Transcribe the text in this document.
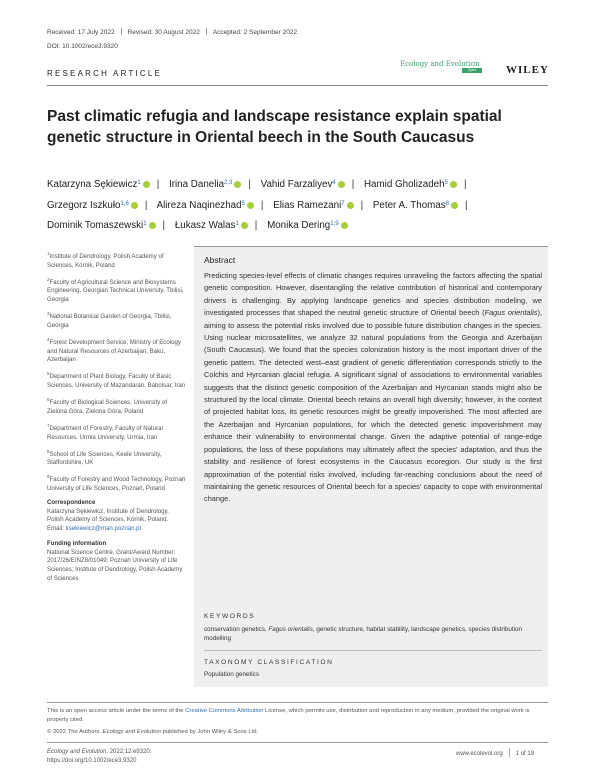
Received: 17 July 2022 Revised: 30 August 2022 Accepted: 2 September 2022
DOI: 10.1002/ece3.9320
RESEARCH ARTICLE
Ecology and Evolution
Open Access	WILEY
Past climatic refugia and landscape resistance explain spatial genetic structure in Oriental beech in the South Caucasus
Katarzyna Sękiewicz$^1$ | Irina Danelia$^{2,3}$ | Vahid Farzaliyev$^4$ | Hamid Gholizadeh$^5$ |
Grzegorz Iszkuło$^{1,6}$ | Alireza Naqinezhad$^5$ | Elias Ramezani$^7$ | Peter A. Thomas$^8$ |
Dominik Tomaszewski$^1$ | Łukasz Walas$^1$ | Monika Dering$^{1,9}$
$^1$Institute of Dendrology, Polish Academy of Sciences, Kórnik, Poland
$^2$Faculty of Agricultural Science and Biosystems Engineering, Georgian Technical University, Tbilisi, Georgia
$^3$National Botanical Garden of Georgia, Tbilisi, Georgia
$^4$Forest Development Service, Ministry of Ecology and Natural Resources of Azerbaijan, Baku, Azerbaijan
$^5$Department of Plant Biology, Faculty of Basic Sciences, University of Mazandaran, Babolsar, Iran
$^6$Faculty of Biological Sciences, University of Zielona Góra, Zielona Góra, Poland
$^7$Department of Forestry, Faculty of Natural Resources, Urmia University, Urmia, Iran
$^8$School of Life Sciences, Keele University, Staffordshire, UK
$^9$Faculty of Forestry and Wood Technology, Poznań University of Life Sciences, Poznań, Poland
Correspondence
Katarzyna Sękiewicz, Institute of Dendrology, Polish Academy of Sciences, Kórnik, Poland.
Email: ksekiewicz@man.poznan.pl
Funding information
National Science Centre, Grant/Award Number: 2017/26/E/NZ8/01049; Poznań University of Life Sciences; Institute of Dendrology, Polish Academy of Sciences
Abstract
Predicting species-level effects of climatic changes requires unraveling the factors affecting the spatial genetic composition. However, disentangling the relative contribution of historical and contemporary drivers is challenging. By applying landscape genetics and species distribution modeling, we investigated processes that shaped the neutral genetic structure of Oriental beech (Fagus orientalis), aiming to assess the potential risks involved due to possible future distribution changes in the species. Using nuclear microsatellites, we analyze 32 natural populations from the Georgia and Azerbaijan (South Caucasus). We found that the species colonization history is the most important driver of the genetic pattern. The detected west–east gradient of genetic differentiation corresponds strictly to the Colchis and Hyrcanian glacial refugia. A significant signal of associations to environmental variables suggests that the distinct genetic composition of the Azerbaijan and Hyrcanian stands might also be structured by the local climate. Oriental beech retains an overall high diversity; however, in the context of projected habitat loss, its genetic resources might be greatly impoverished. The most affected are the Azerbaijan and Hyrcanian populations, for which the detected genetic impoverishment may enhance their vulnerability to environmental change. Given the adaptive potential of range-edge populations, the loss of these populations may ultimately affect the species' adaptation, and thus the stability and resilience of forest ecosystems in the Caucasus ecoregion. Our study is the first approximation of the potential risks involved, including far-reaching conclusions about the need of maintaining the genetic resources of Oriental beech for a species' capacity to cope with environmental change.
KEYWORDS
conservation genetics, Fagus orientalis, genetic structure, habitat stability, landscape genetics, species distribution modelling
TAXONOMY CLASSIFICATION
Population genetics
This is an open access article under the terms of the Creative Commons Attribution License, which permits use, distribution and reproduction in any medium, provided the original work is properly cited.
© 2022 The Authors. Ecology and Evolution published by John Wiley & Sons Ltd.
Ecology and Evolution. 2022;12:e9320.
https://doi.org/10.1002/ece3.9320
www.ecolevol.org 1 of 19
